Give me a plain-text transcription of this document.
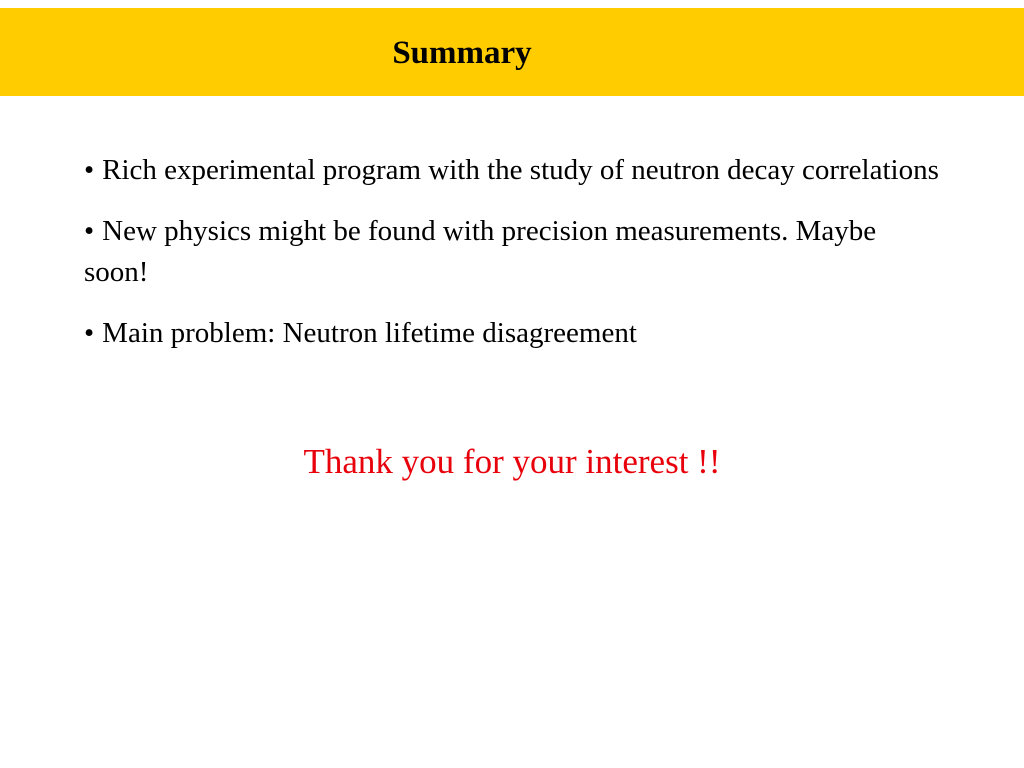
Summary
• Rich experimental program with the study of neutron decay correlations
• New physics might be found with precision measurements. Maybe soon!
• Main problem: Neutron lifetime disagreement
Thank you for your interest !!
